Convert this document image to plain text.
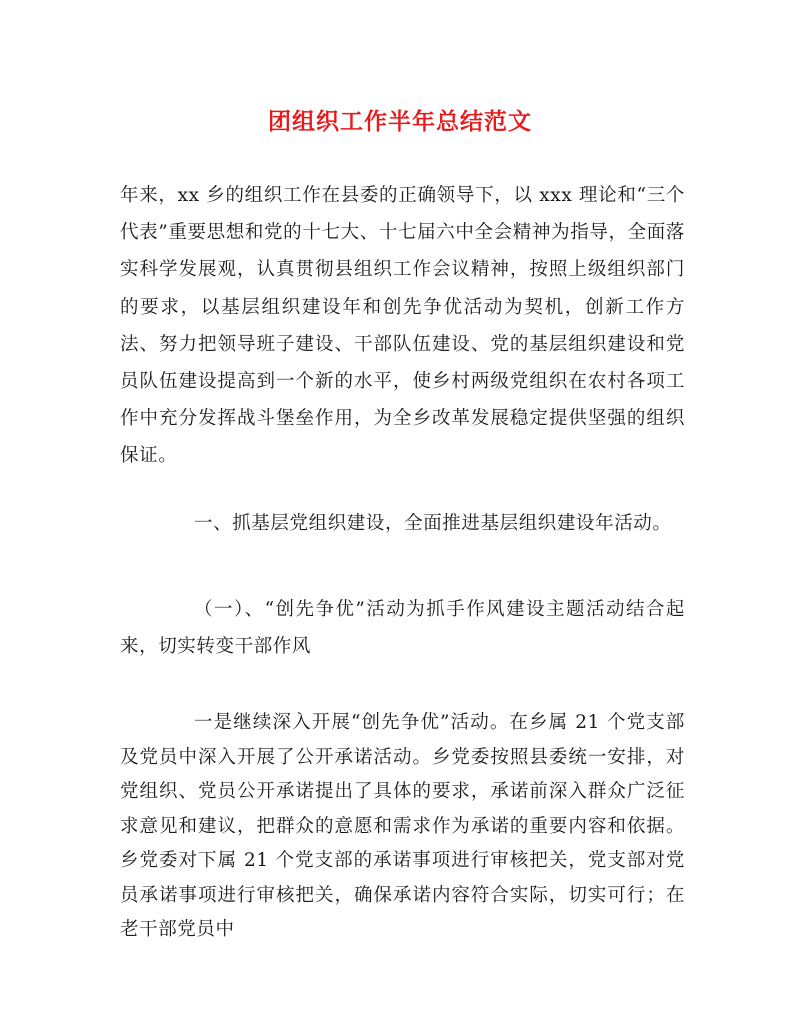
团组织工作半年总结范文
年来，xx 乡的组织工作在县委的正确领导下，以 xxx 理论和“三个代表”重要思想和党的十七大、十七届六中全会精神为指导，全面落实科学发展观，认真贯彻县组织工作会议精神，按照上级组织部门的要求，以基层组织建设年和创先争优活动为契机，创新工作方法、努力把领导班子建设、干部队伍建设、党的基层组织建设和党员队伍建设提高到一个新的水平，使乡村两级党组织在农村各项工作中充分发挥战斗堡垒作用，为全乡改革发展稳定提供坚强的组织保证。
一、抓基层党组织建设，全面推进基层组织建设年活动。
（一）、“创先争优”活动为抓手作风建设主题活动结合起来，切实转变干部作风
一是继续深入开展“创先争优”活动。在乡属 21 个党支部及党员中深入开展了公开承诺活动。乡党委按照县委统一安排，对党组织、党员公开承诺提出了具体的要求，承诺前深入群众广泛征求意见和建议，把群众的意愿和需求作为承诺的重要内容和依据。乡党委对下属 21 个党支部的承诺事项进行审核把关，党支部对党员承诺事项进行审核把关，确保承诺内容符合实际，切实可行；在老干部党员中
